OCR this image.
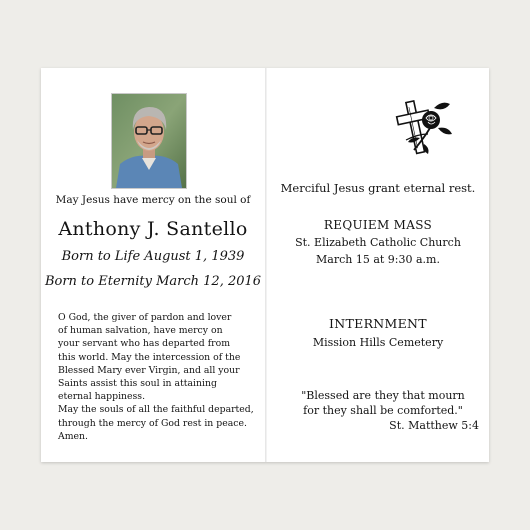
May Jesus have mercy on the soul of
Anthony J. Santello
Born to Life August 1, 1939
Born to Eternity March 12, 2016
O God, the giver of pardon and lover
of human salvation, have mercy on
your servant who has departed from
this world. May the intercession of the
Blessed Mary ever Virgin, and all your
Saints assist this soul in attaining
eternal happiness.
May the souls of all the faithful departed,
through the mercy of God rest in peace.
Amen.
Merciful Jesus grant eternal rest.
REQUIEM MASS
St. Elizabeth Catholic Church
March 15 at 9:30 a.m.
INTERNMENT
Mission Hills Cemetery
"Blessed are they that mourn
for they shall be comforted."
St. Matthew 5:4
